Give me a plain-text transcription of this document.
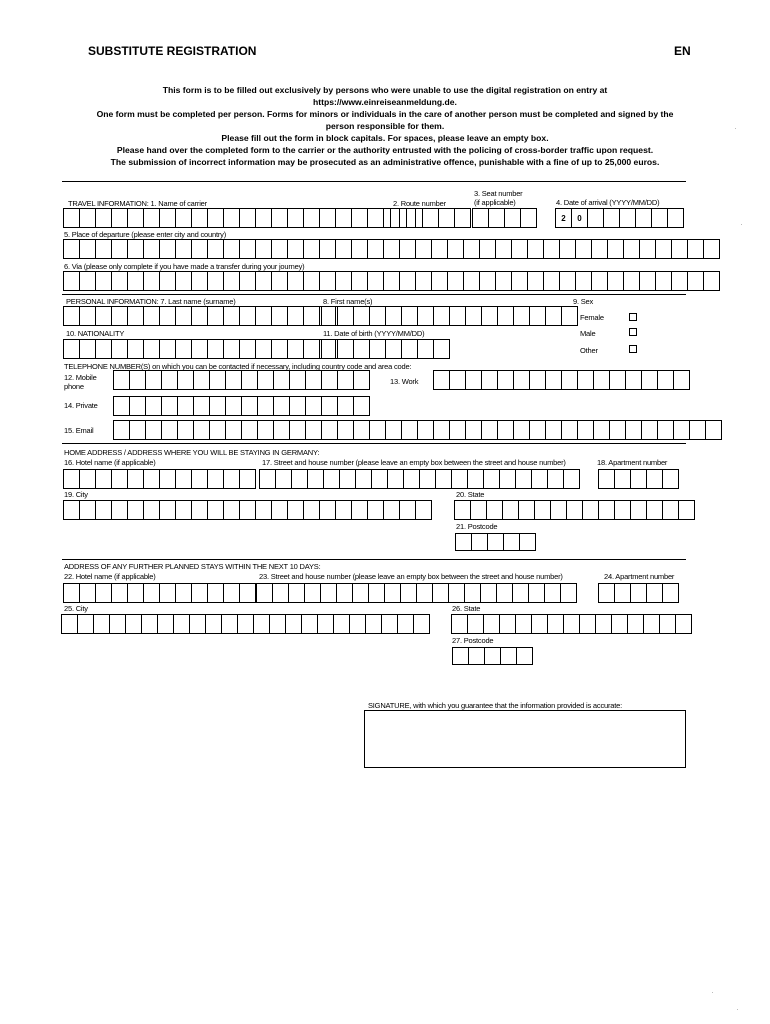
SUBSTITUTE REGISTRATION	EN
This form is to be filled out exclusively by persons who were unable to use the digital registration on entry at
https://www.einreiseanmeldung.de.
One form must be completed per person. Forms for minors or individuals in the care of another person must be completed and signed by the
person responsible for them.
Please fill out the form in block capitals. For spaces, please leave an empty box.
Please hand over the completed form to the carrier or the authority entrusted with the policing of cross-border traffic upon request.
The submission of incorrect information may be prosecuted as an administrative offence, punishable with a fine of up to 25,000 euros.
TRAVEL INFORMATION: 1. Name of carrier	2. Route number
3. Seat number
(if applicable)	4. Date of arrival (YYYY/MM/DD)
2	0
5. Place of departure (please enter city and country)
6. Via (please only complete if you have made a transfer during your journey)
PERSONAL INFORMATION: 7. Last name (surname)	8. First name(s)	9. Sex
Female
Male
Other
10. NATIONALITY	11. Date of birth (YYYY/MM/DD)
TELEPHONE NUMBER(S) on which you can be contacted if necessary, including country code and area code:
12. Mobile
phone
13. Work
14. Private
15. Email
HOME ADDRESS / ADDRESS WHERE YOU WILL BE STAYING IN GERMANY:
16. Hotel name (if applicable)	17. Street and house number (please leave an empty box between the street and house number)	18. Apartment number
19. City	20. State
21. Postcode
ADDRESS OF ANY FURTHER PLANNED STAYS WITHIN THE NEXT 10 DAYS:
22. Hotel name (if applicable)	23. Street and house number (please leave an empty box between the street and house number)	24. Apartment number
25. City	26. State
27. Postcode
SIGNATURE, with which you guarantee that the information provided is accurate:
